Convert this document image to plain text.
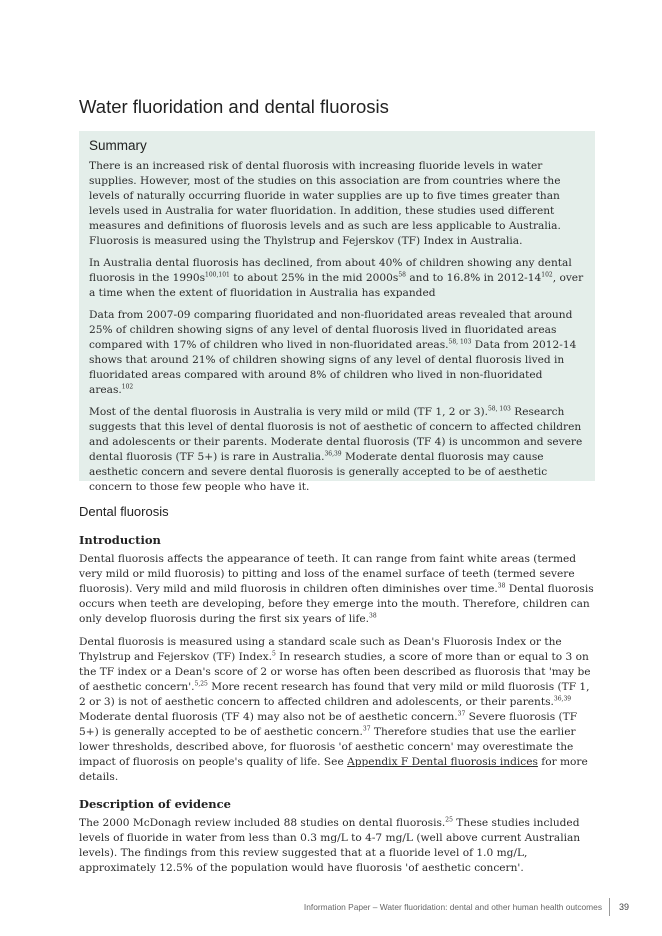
Water fluoridation and dental fluorosis
Summary

There is an increased risk of dental fluorosis with increasing fluoride levels in water supplies. However, most of the studies on this association are from countries where the levels of naturally occurring fluoride in water supplies are up to five times greater than levels used in Australia for water fluoridation. In addition, these studies used different measures and definitions of fluorosis levels and as such are less applicable to Australia. Fluorosis is measured using the Thylstrup and Fejerskov (TF) Index in Australia.

In Australia dental fluorosis has declined, from about 40% of children showing any dental fluorosis in the $1990s^{100,101}$ to about 25% in the mid $2000s^{58}$ and to 16.8% in $2012-14^{102}$, over a time when the extent of fluoridation in Australia has expanded

Data from 2007-09 comparing fluoridated and non-fluoridated areas revealed that around 25% of children showing signs of any level of dental fluorosis lived in fluoridated areas compared with 17% of children who lived in non-fluoridated areas.$^{58, 103}$ Data from 2012-14 shows that around 21% of children showing signs of any level of dental fluorosis lived in fluoridated areas compared with around 8% of children who lived in non-fluoridated areas.$^{102}$

Most of the dental fluorosis in Australia is very mild or mild (TF 1, 2 or 3).$^{58, 103}$ Research suggests that this level of dental fluorosis is not of aesthetic of concern to affected children and adolescents or their parents. Moderate dental fluorosis (TF 4) is uncommon and severe dental fluorosis (TF 5+) is rare in Australia.$^{36,39}$ Moderate dental fluorosis may cause aesthetic concern and severe dental fluorosis is generally accepted to be of aesthetic concern to those few people who have it.

Dental fluorosis
Introduction

Dental fluorosis affects the appearance of teeth. It can range from faint white areas (termed very mild or mild fluorosis) to pitting and loss of the enamel surface of teeth (termed severe fluorosis). Very mild and mild fluorosis in children often diminishes over time.$^{38}$ Dental fluorosis occurs when teeth are developing, before they emerge into the mouth. Therefore, children can only develop fluorosis during the first six years of life.$^{38}$

Dental fluorosis is measured using a standard scale such as Dean's Fluorosis Index or the Thylstrup and Fejerskov (TF) Index.$^5$ In research studies, a score of more than or equal to 3 on the TF index or a Dean's score of 2 or worse has often been described as fluorosis that 'may be of aesthetic concern'.$^{5,25}$ More recent research has found that very mild or mild fluorosis (TF 1, 2 or 3) is not of aesthetic concern to affected children and adolescents, or their parents.$^{36,39}$ Moderate dental fluorosis (TF 4) may also not be of aesthetic concern.$^{37}$ Severe fluorosis (TF 5+) is generally accepted to be of aesthetic concern.$^{37}$ Therefore studies that use the earlier lower thresholds, described above, for fluorosis 'of aesthetic concern' may overestimate the impact of fluorosis on people's quality of life. See Appendix F Dental fluorosis indices for more details.

Description of evidence

The 2000 McDonagh review included 88 studies on dental fluorosis.$^{25}$ These studies included levels of fluoride in water from less than 0.3 mg/L to 4-7 mg/L (well above current Australian levels). The findings from this review suggested that at a fluoride level of 1.0 mg/L, approximately 12.5% of the population would have fluorosis 'of aesthetic concern'.

Information Paper – Water fluoridation: dental and other human health outcomes 39
